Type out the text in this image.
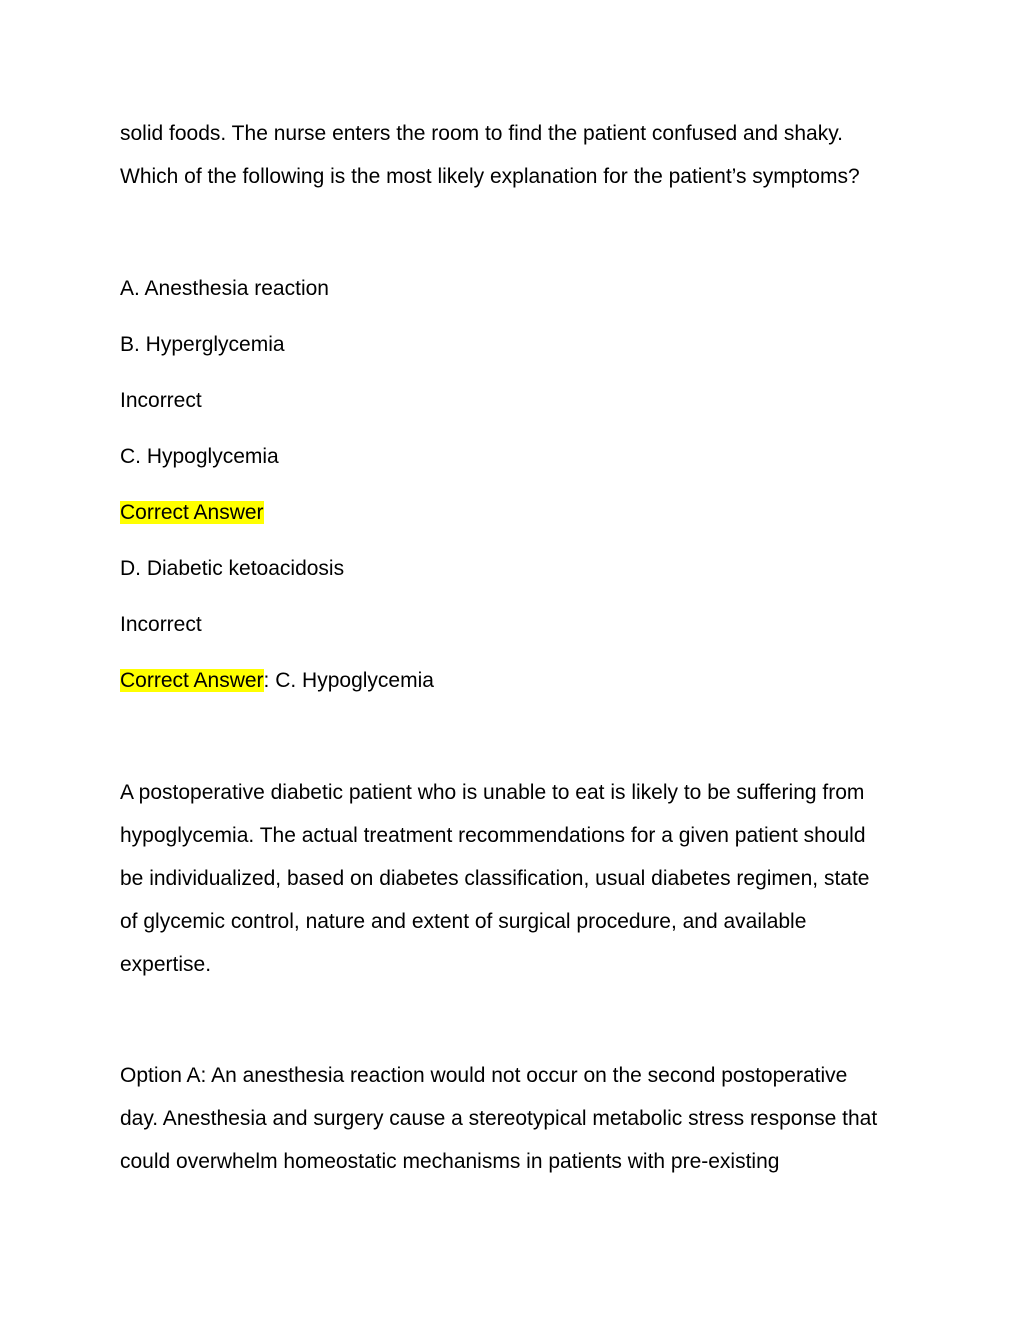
solid foods. The nurse enters the room to find the patient confused and shaky.
Which of the following is the most likely explanation for the patient’s symptoms?
A. Anesthesia reaction
B. Hyperglycemia
Incorrect
C. Hypoglycemia
Correct Answer
D. Diabetic ketoacidosis
Incorrect
Correct Answer: C. Hypoglycemia
A postoperative diabetic patient who is unable to eat is likely to be suffering from
hypoglycemia. The actual treatment recommendations for a given patient should
be individualized, based on diabetes classification, usual diabetes regimen, state
of glycemic control, nature and extent of surgical procedure, and available
expertise.
Option A: An anesthesia reaction would not occur on the second postoperative
day. Anesthesia and surgery cause a stereotypical metabolic stress response that
could overwhelm homeostatic mechanisms in patients with pre-existing
